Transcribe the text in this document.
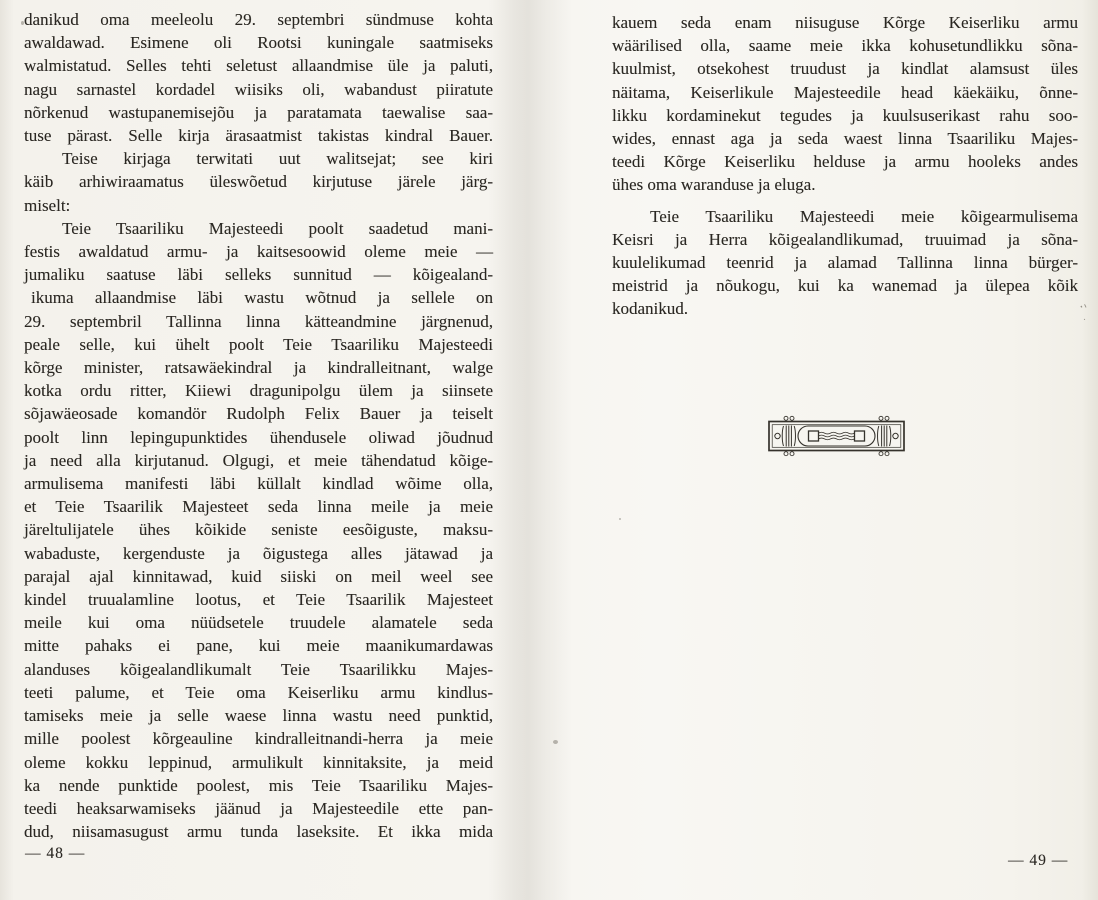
danikud oma meeleolu 29. septembri sündmuse kohta
awaldawad. Esimene oli Rootsi kuningale saatmiseks
walmistatud. Selles tehti seletust allaandmise üle ja paluti,
nagu sarnastel kordadel wiisiks oli, wabandust piiratute
nõrkenud wastupanemisejõu ja paratamata taewalise saa-
tuse pärast. Selle kirja ärasaatmist takistas kindral Bauer.
Teise kirjaga terwitati uut walitsejat; see kiri
käib arhiwiraamatus üleswõetud kirjutuse järele järg-
miselt:
Teie Tsaariliku Majesteedi poolt saadetud mani-
festis awaldatud armu- ja kaitsesoowid oleme meie —
jumaliku saatuse läbi selleks sunnitud — kõigealand-
ikuma allaandmise läbi wastu wõtnud ja sellele on
29. septembril Tallinna linna kätteandmine järgnenud,
peale selle, kui ühelt poolt Teie Tsaariliku Majesteedi
kõrge minister, ratsawäekindral ja kindralleitnant, walge
kotka ordu ritter, Kiiewi dragunipolgu ülem ja siinsete
sõjawäeosade komandör Rudolph Felix Bauer ja teiselt
poolt linn lepingupunktides ühendusele oliwad jõudnud
ja need alla kirjutanud. Olgugi, et meie tähendatud kõige-
armulisema manifesti läbi küllalt kindlad wõime olla,
et Teie Tsaarilik Majesteet seda linna meile ja meie
järeltulijatele ühes kõikide seniste eesõiguste, maksu-
wabaduste, kergenduste ja õigustega alles jätawad ja
parajal ajal kinnitawad, kuid siiski on meil weel see
kindel truualamline lootus, et Teie Tsaarilik Majesteet
meile kui oma nüüdsetele truudele alamatele seda
mitte pahaks ei pane, kui meie maanikumardawas
alanduses kõigealandlikumalt Teie Tsaarilikku Majes-
teeti palume, et Teie oma Keiserliku armu kindlus-
tamiseks meie ja selle waese linna wastu need punktid,
mille poolest kõrgeauline kindralleitnandi-herra ja meie
oleme kokku leppinud, armulikult kinnitaksite, ja meid
ka nende punktide poolest, mis Teie Tsaariliku Majes-
teedi heaksarwamiseks jäänud ja Majesteedile ette pan-
dud, niisamasugust armu tunda laseksite. Et ikka mida
— 48 —
kauem seda enam niisuguse Kõrge Keiserliku armu
wäärilised olla, saame meie ikka kohusetundlikku sõna-
kuulmist, otsekohest truudust ja kindlat alamsust üles
näitama, Keiserlikule Majesteedile head käekäiku, õnne-
likku kordaminekut tegudes ja kuulsuserikast rahu soo-
wides, ennast aga ja seda waest linna Tsaariliku Majes-
teedi Kõrge Keiserliku helduse ja armu hooleks andes
ühes oma waranduse ja eluga.
Teie Tsaariliku Majesteedi meie kõigearmulisema
Keisri ja Herra kõigealandlikumad, truuimad ja sõna-
kuulelikumad teenrid ja alamad Tallinna linna bürger-
meistrid ja nõukogu, kui ka wanemad ja ülepea kõik
kodanikud.
— 49 —
.ˌ
˙
